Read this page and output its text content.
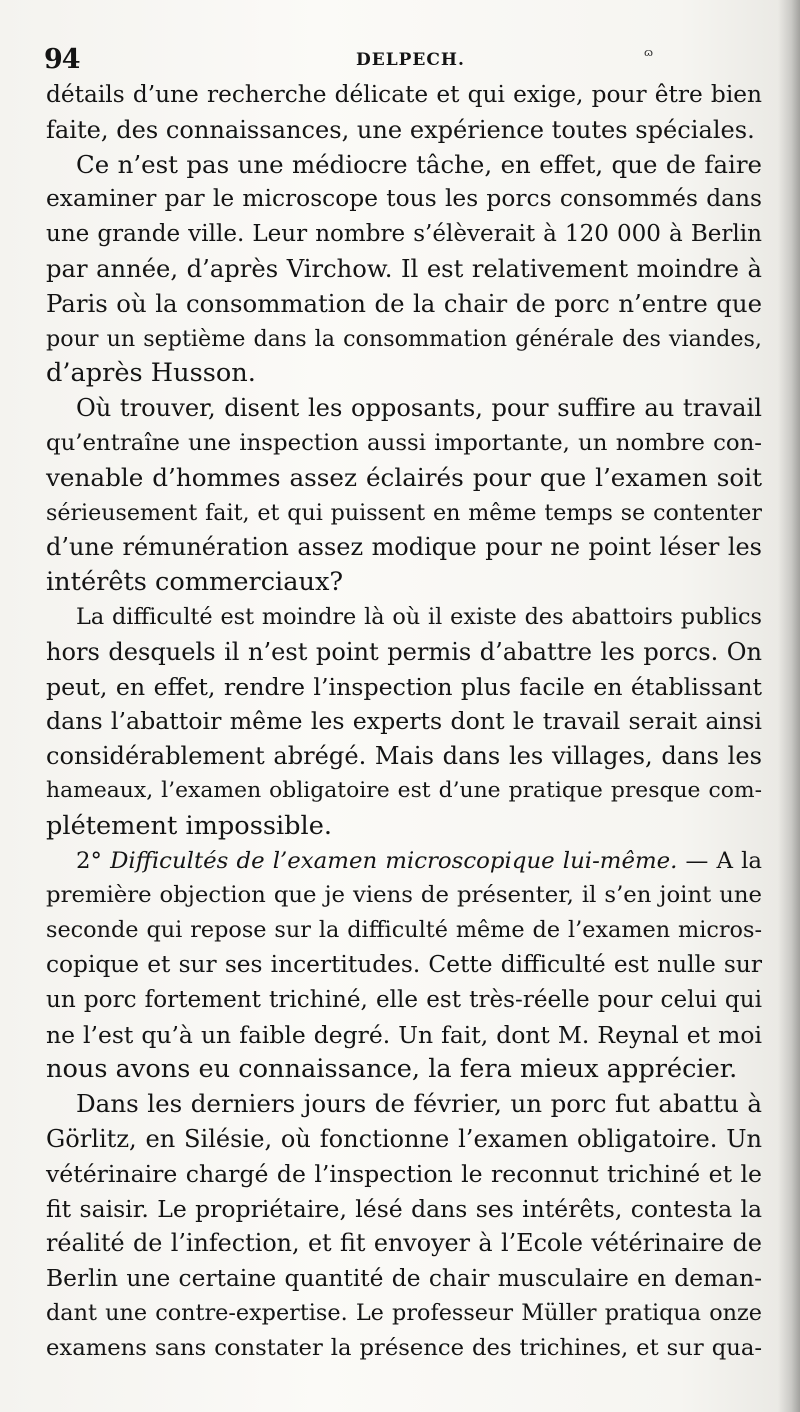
94	DELPECH.	ɷ
détails d’une recherche délicate et qui exige, pour être bien
faite, des connaissances, une expérience toutes spéciales.
Ce n’est pas une médiocre tâche, en effet, que de faire
examiner par le microscope tous les porcs consommés dans
une grande ville. Leur nombre s’élèverait à 120 000 à Berlin
par année, d’après Virchow. Il est relativement moindre à
Paris où la consommation de la chair de porc n’entre que
pour un septième dans la consommation générale des viandes,
d’après Husson.
Où trouver, disent les opposants, pour suffire au travail
qu’entraîne une inspection aussi importante, un nombre con-
venable d’hommes assez éclairés pour que l’examen soit
sérieusement fait, et qui puissent en même temps se contenter
d’une rémunération assez modique pour ne point léser les
intérêts commerciaux?
La difficulté est moindre là où il existe des abattoirs publics
hors desquels il n’est point permis d’abattre les porcs. On
peut, en effet, rendre l’inspection plus facile en établissant
dans l’abattoir même les experts dont le travail serait ainsi
considérablement abrégé. Mais dans les villages, dans les
hameaux, l’examen obligatoire est d’une pratique presque com-
plétement impossible.
2° Difficultés de l’examen microscopique lui-même. — A la
première objection que je viens de présenter, il s’en joint une
seconde qui repose sur la difficulté même de l’examen micros-
copique et sur ses incertitudes. Cette difficulté est nulle sur
un porc fortement trichiné, elle est très-réelle pour celui qui
ne l’est qu’à un faible degré. Un fait, dont M. Reynal et moi
nous avons eu connaissance, la fera mieux apprécier.
Dans les derniers jours de février, un porc fut abattu à
Görlitz, en Silésie, où fonctionne l’examen obligatoire. Un
vétérinaire chargé de l’inspection le reconnut trichiné et le
fit saisir. Le propriétaire, lésé dans ses intérêts, contesta la
réalité de l’infection, et fit envoyer à l’Ecole vétérinaire de
Berlin une certaine quantité de chair musculaire en deman-
dant une contre-expertise. Le professeur Müller pratiqua onze
examens sans constater la présence des trichines, et sur qua-
